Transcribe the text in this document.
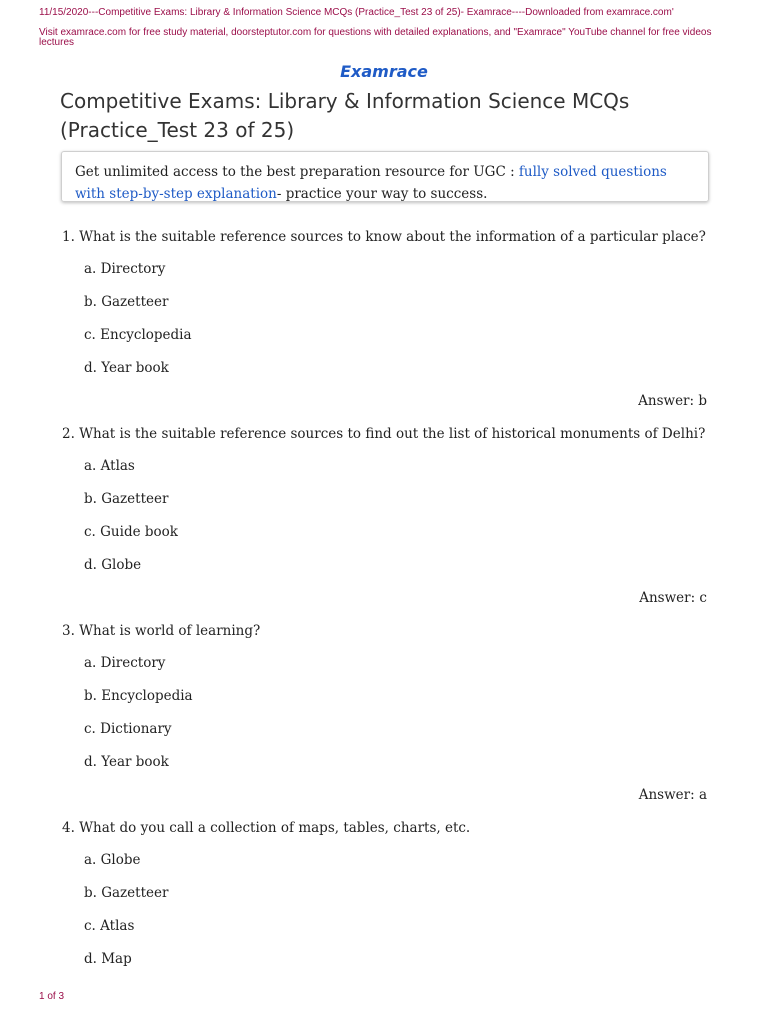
11/15/2020---Competitive Exams: Library & Information Science MCQs (Practice_Test 23 of 25)- Examrace----Downloaded from examrace.com'

Visit examrace.com for free study material, doorsteptutor.com for questions with detailed explanations, and "Examrace" YouTube channel for free videos lectures

Examrace

Competitive Exams: Library & Information Science MCQs
(Practice_Test 23 of 25)
Get unlimited access to the best preparation resource for UGC : fully solved questions
with step-by-step explanation- practice your way to success.

1. What is the suitable reference sources to know about the information of a particular place?

a. Directory

b. Gazetteer

c. Encyclopedia

d. Year book

Answer: b

2. What is the suitable reference sources to find out the list of historical monuments of Delhi?

a. Atlas

b. Gazetteer

c. Guide book

d. Globe

Answer: c

3. What is world of learning?

a. Directory

b. Encyclopedia

c. Dictionary

d. Year book

Answer: a

4. What do you call a collection of maps, tables, charts, etc.

a. Globe

b. Gazetteer

c. Atlas

d. Map

1 of 3
